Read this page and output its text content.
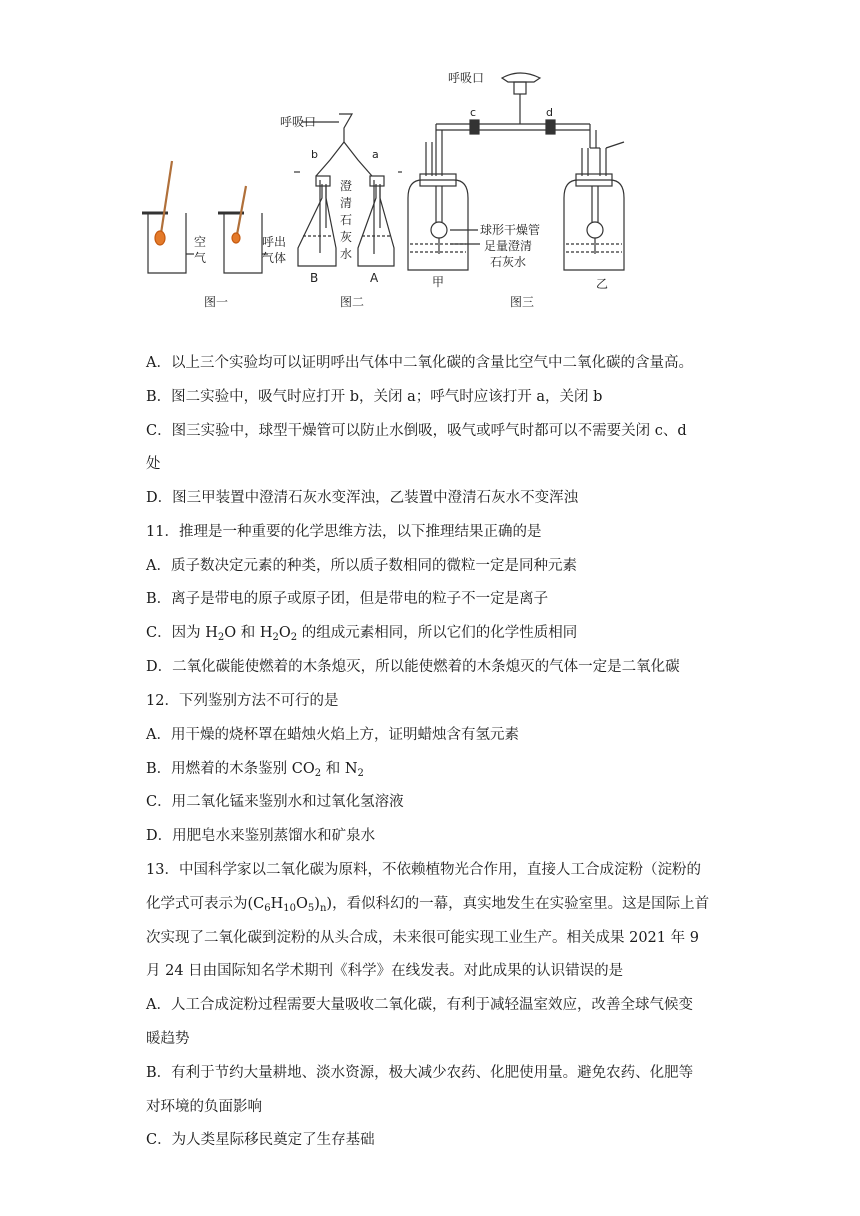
呼吸口
呼吸口
空
气
呼出
气体
b	a
澄
清
石
灰
水
B	A
c	d
球形干燥管
足量澄清
石灰水
甲	乙
图一	图二	图三
A．以上三个实验均可以证明呼出气体中二氧化碳的含量比空气中二氧化碳的含量高。
B．图二实验中，吸气时应打开 b，关闭 a；呼气时应该打开 a，关闭 b
C．图三实验中，球型干燥管可以防止水倒吸，吸气或呼气时都可以不需要关闭 c、d
处
D．图三甲装置中澄清石灰水变浑浊，乙装置中澄清石灰水不变浑浊
11．推理是一种重要的化学思维方法，以下推理结果正确的是
A．质子数决定元素的种类，所以质子数相同的微粒一定是同种元素
B．离子是带电的原子或原子团，但是带电的粒子不一定是离子
C．因为 $H_2O$ 和 $H_2O_2$ 的组成元素相同，所以它们的化学性质相同
D．二氧化碳能使燃着的木条熄灭，所以能使燃着的木条熄灭的气体一定是二氧化碳
12．下列鉴别方法不可行的是
A．用干燥的烧杯罩在蜡烛火焰上方，证明蜡烛含有氢元素
B．用燃着的木条鉴别 $CO_2$ 和 $N_2$
C．用二氧化锰来鉴别水和过氧化氢溶液
D．用肥皂水来鉴别蒸馏水和矿泉水
13．中国科学家以二氧化碳为原料，不依赖植物光合作用，直接人工合成淀粉（淀粉的
化学式可表示为$(C_6H_{10}O_5)_n$)，看似科幻的一幕，真实地发生在实验室里。这是国际上首
次实现了二氧化碳到淀粉的从头合成，未来很可能实现工业生产。相关成果 2021 年 9
月 24 日由国际知名学术期刊《科学》在线发表。对此成果的认识错误的是
A．人工合成淀粉过程需要大量吸收二氧化碳，有利于减轻温室效应，改善全球气候变
暖趋势
B．有利于节约大量耕地、淡水资源，极大减少农药、化肥使用量。避免农药、化肥等
对环境的负面影响
C．为人类星际移民奠定了生存基础
